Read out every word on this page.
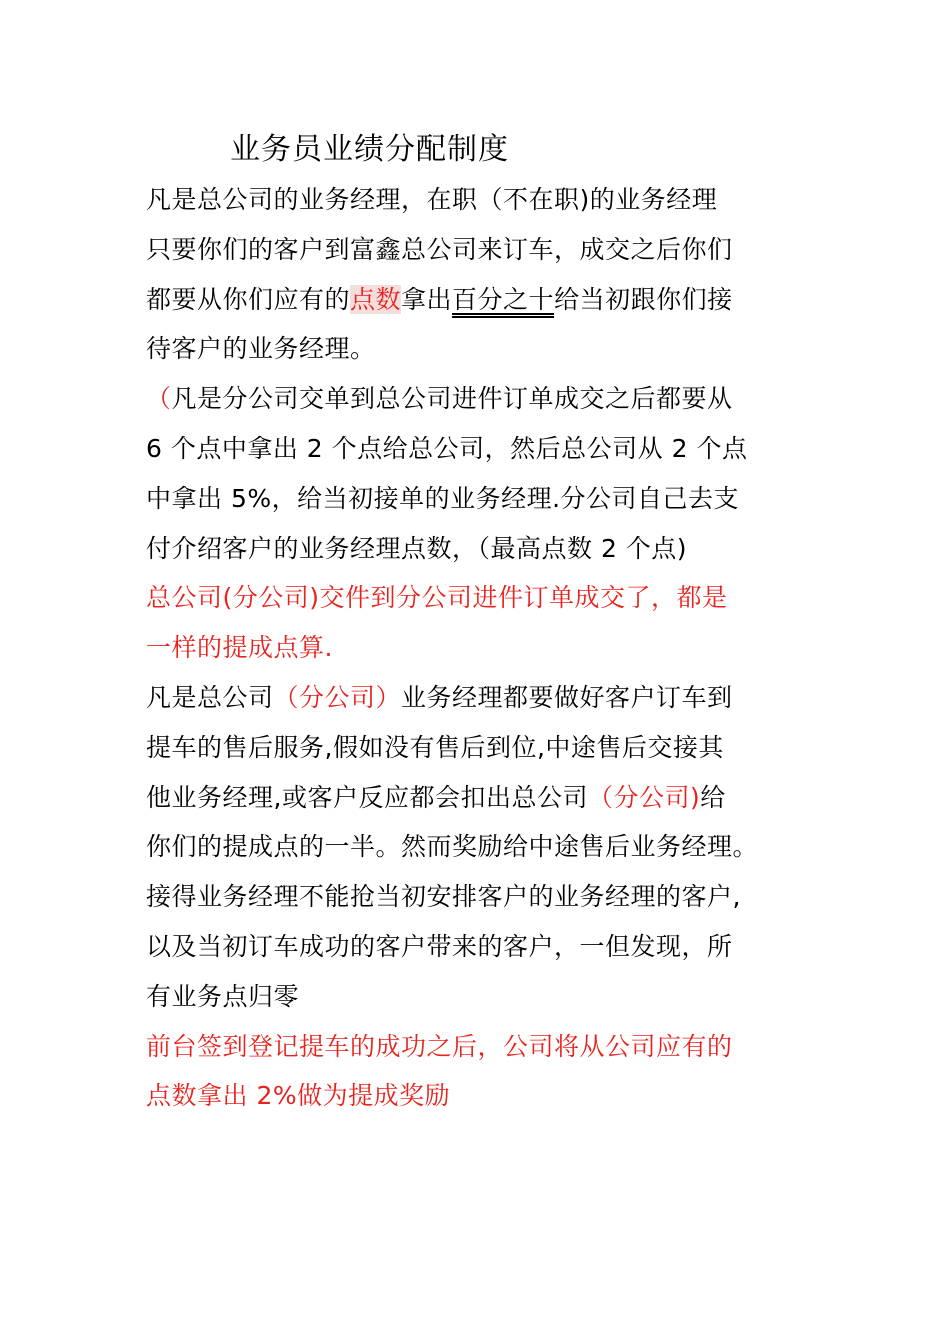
业务员业绩分配制度
凡是总公司的业务经理，在职（不在职)的业务经理
只要你们的客户到富鑫总公司来订车，成交之后你们
都要从你们应有的点数拿出百分之十给当初跟你们接
待客户的业务经理。
（凡是分公司交单到总公司进件订单成交之后都要从
6 个点中拿出 2 个点给总公司，然后总公司从 2 个点
中拿出 5%，给当初接单的业务经理.分公司自己去支
付介绍客户的业务经理点数，（最高点数 2 个点)
总公司(分公司)交件到分公司进件订单成交了，都是
一样的提成点算.
凡是总公司（分公司）业务经理都要做好客户订车到
提车的售后服务,假如没有售后到位,中途售后交接其
他业务经理,或客户反应都会扣出总公司（分公司)给
你们的提成点的一半。然而奖励给中途售后业务经理。
接得业务经理不能抢当初安排客户的业务经理的客户,
以及当初订车成功的客户带来的客户，一但发现，所
有业务点归零
前台签到登记提车的成功之后，公司将从公司应有的
点数拿出 2%做为提成奖励
